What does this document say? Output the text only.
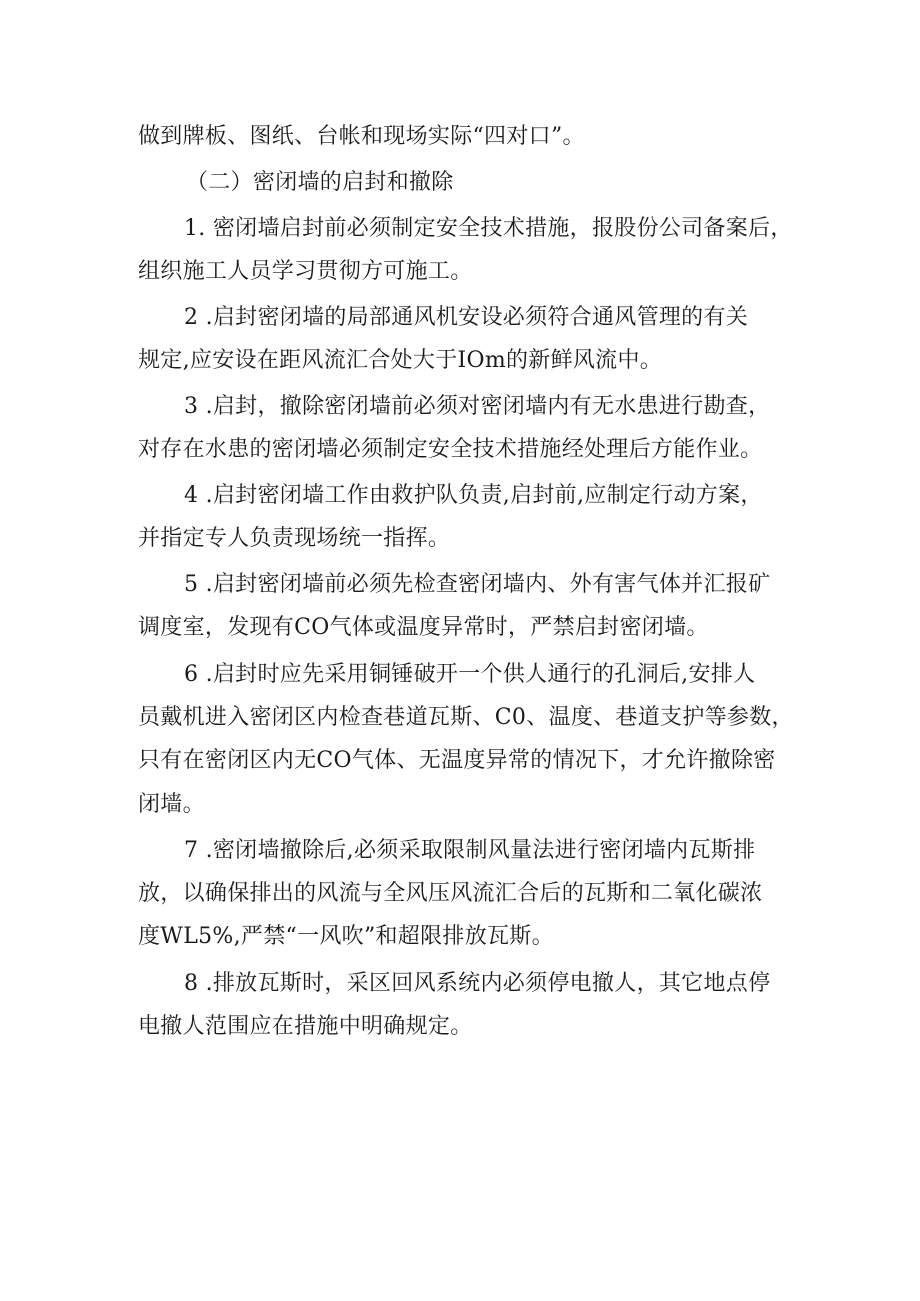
做到牌板、图纸、台帐和现场实际“四对口”。
（二）密闭墙的启封和撤除
1. 密闭墙启封前必须制定安全技术措施，报股份公司备案后，
组织施工人员学习贯彻方可施工。
2 .启封密闭墙的局部通风机安设必须符合通风管理的有关
规定,应安设在距风流汇合处大于IOm的新鲜风流中。
3 .启封，撤除密闭墙前必须对密闭墙内有无水患进行勘查，
对存在水患的密闭墙必须制定安全技术措施经处理后方能作业。
4 .启封密闭墙工作由救护队负责,启封前,应制定行动方案，
并指定专人负责现场统一指挥。
5 .启封密闭墙前必须先检查密闭墙内、外有害气体并汇报矿
调度室，发现有CO气体或温度异常时，严禁启封密闭墙。
6 .启封时应先采用铜锤破开一个供人通行的孔洞后,安排人
员戴机进入密闭区内检查巷道瓦斯、C0、温度、巷道支护等参数，
只有在密闭区内无CO气体、无温度异常的情况下，才允许撤除密
闭墙。
7 .密闭墙撤除后,必须采取限制风量法进行密闭墙内瓦斯排
放，以确保排出的风流与全风压风流汇合后的瓦斯和二氧化碳浓
度WL5%,严禁“一风吹”和超限排放瓦斯。
8 .排放瓦斯时，采区回风系统内必须停电撤人，其它地点停
电撤人范围应在措施中明确规定。
